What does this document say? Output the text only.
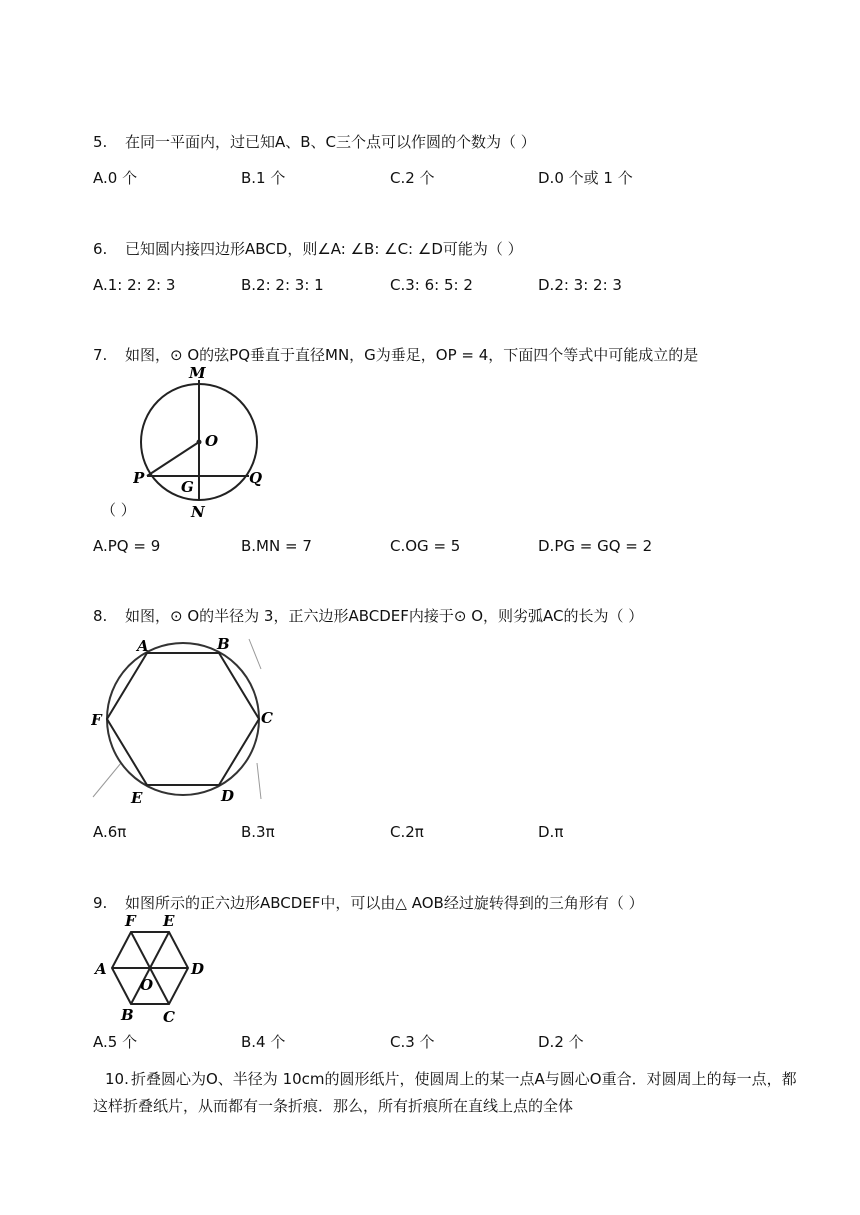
5. 在同一平面内，过已知A、B、C三个点可以作圆的个数为（ ）
A.0 个	B.1 个	C.2 个	D.0 个或 1 个
6. 已知圆内接四边形ABCD，则∠A: ∠B: ∠C: ∠D可能为（ ）
A.1: 2: 2: 3	B.2: 2: 3: 1	C.3: 6: 5: 2	D.2: 3: 2: 3
7. 如图，⊙ O的弦PQ垂直于直径MN，G为垂足，OP = 4，下面四个等式中可能成立的是
M
O
P	Q
G
N
（ ）
A.PQ = 9	B.MN = 7	C.OG = 5	D.PG = GQ = 2
8. 如图，⊙ O的半径为 3，正六边形ABCDEF内接于⊙ O，则劣弧AC的长为（ ）
A	B
C
D
E
F
A.6π	B.3π	C.2π	D.π
9. 如图所示的正六边形ABCDEF中，可以由△ AOB经过旋转得到的三角形有（ ）
F E
A	D
O
B C
A.5 个	B.4 个	C.3 个	D.2 个
10. 折叠圆心为O、半径为 10cm的圆形纸片，使圆周上的某一点A与圆心O重合．对圆周上的每一点，都这样折叠纸片，从而都有一条折痕．那么，所有折痕所在直线上点的全体
